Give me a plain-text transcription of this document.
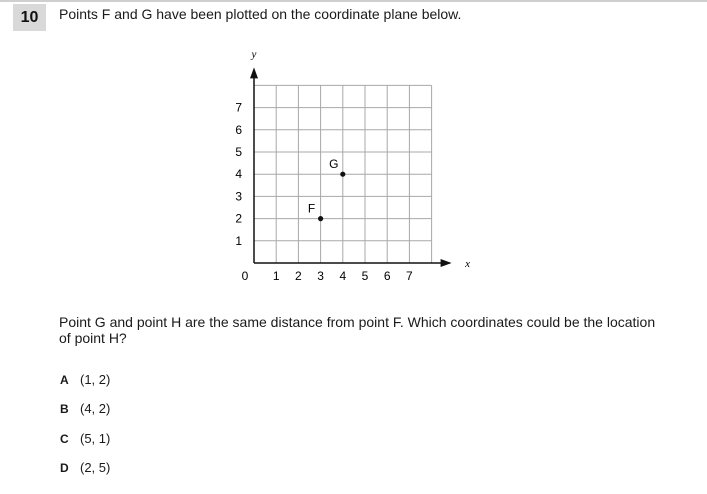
10	Points F and G have been plotted on the coordinate plane below.
x
y
0 1 2 3 4 5 6 7
1
2
3
4
5
6
7
F
G
Point G and point H are the same distance from point F. Which coordinates could be the location of point H?
A (1, 2)
B (4, 2)
C (5, 1)
D (2, 5)
